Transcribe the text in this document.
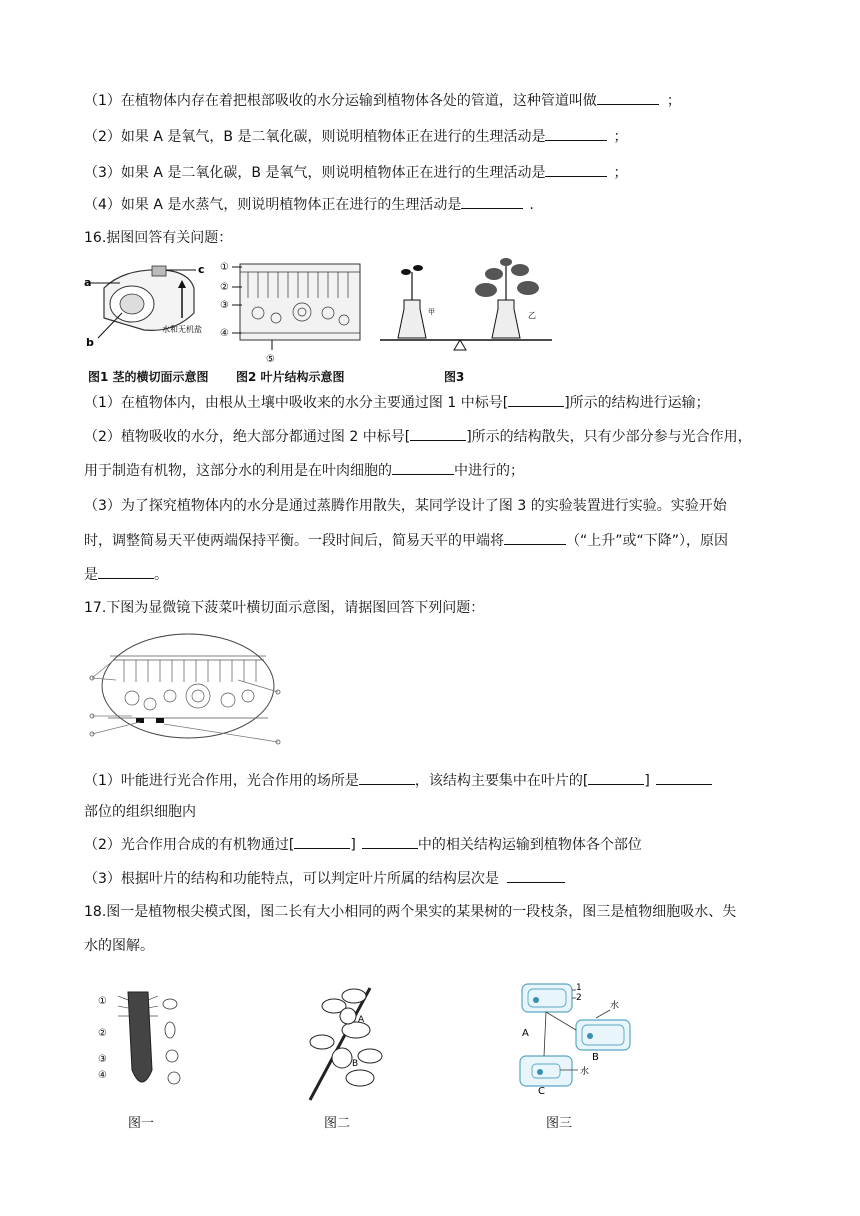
（1）在植物体内存在着把根部吸收的水分运输到植物体各处的管道，这种管道叫做	；
（2）如果 A 是氧气，B 是二氧化碳，则说明植物体正在进行的生理活动是	；
（3）如果 A 是二氧化碳，B 是氧气，则说明植物体正在进行的生理活动是	；
（4）如果 A 是水蒸气，则说明植物体正在进行的生理活动是	.
16.据图回答有关问题：
a
b
c
水和无机盐
图1 茎的横切面示意图
①
②
③
④
⑤
图2 叶片结构示意图
甲	乙
图3
（1）在植物体内，由根从土壤中吸收来的水分主要通过图 1 中标号[	]所示的结构进行运输；
（2）植物吸收的水分，绝大部分都通过图 2 中标号[	]所示的结构散失，只有少部分参与光合作用，
用于制造有机物，这部分水的利用是在叶肉细胞的	中进行的；
（3）为了探究植物体内的水分是通过蒸腾作用散失，某同学设计了图 3 的实验装置进行实验。实验开始
时，调整简易天平使两端保持平衡。一段时间后，简易天平的甲端将	（“上升”或“下降”），原因
是	。
17.下图为显微镜下菠菜叶横切面示意图，请据图回答下列问题：
（1）叶能进行光合作用，光合作用的场所是	，该结构主要集中在叶片的[	]
部位的组织细胞内
（2）光合作用合成的有机物通过[	]	中的相关结构运输到植物体各个部位
（3）根据叶片的结构和功能特点，可以判定叶片所属的结构层次是
18.图一是植物根尖模式图，图二长有大小相同的两个果实的某果树的一段枝条，图三是植物细胞吸水、失
水的图解。
①
②
③
④
图一
A
B
图二
1
2
水
水
A
B
C
图三
